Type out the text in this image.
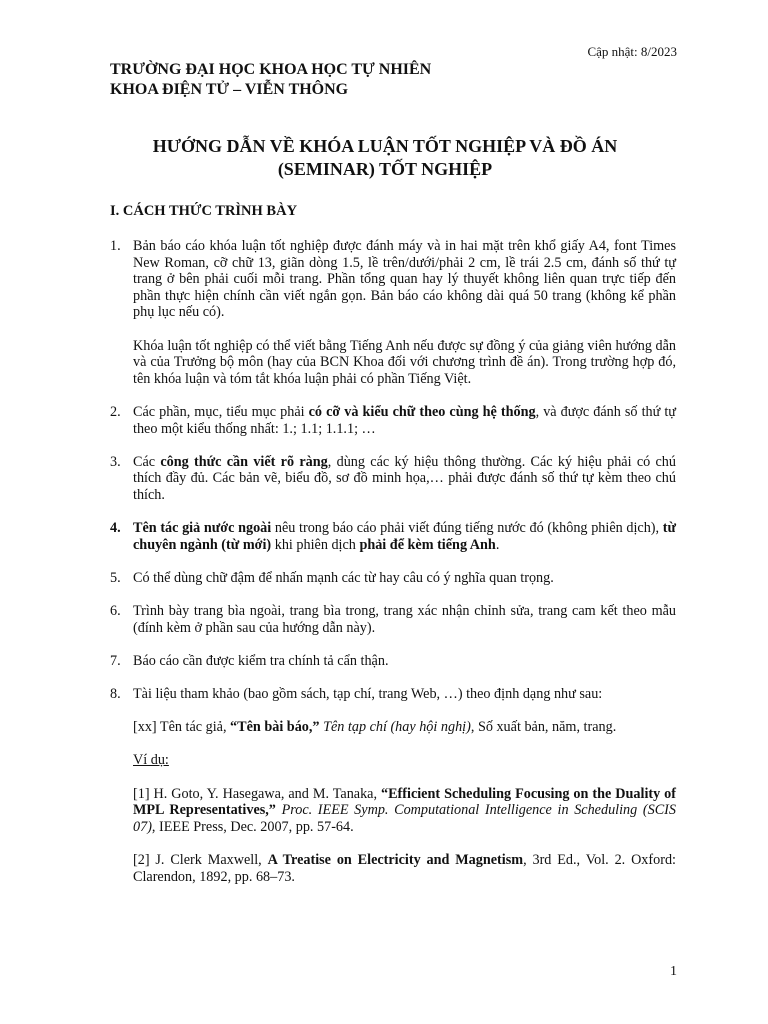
Cập nhật: 8/2023
TRƯỜNG ĐẠI HỌC KHOA HỌC TỰ NHIÊN
KHOA ĐIỆN TỬ – VIỄN THÔNG
HƯỚNG DẪN VỀ KHÓA LUẬN TỐT NGHIỆP VÀ ĐỒ ÁN
(SEMINAR) TỐT NGHIỆP
I. CÁCH THỨC TRÌNH BÀY
1. Bản báo cáo khóa luận tốt nghiệp được đánh máy và in hai mặt trên khổ giấy A4, font Times New Roman, cỡ chữ 13, giãn dòng 1.5, lề trên/dưới/phải 2 cm, lề trái 2.5 cm, đánh số thứ tự trang ở bên phải cuối mỗi trang. Phần tổng quan hay lý thuyết không liên quan trực tiếp đến phần thực hiện chính cần viết ngắn gọn. Bản báo cáo không dài quá 50 trang (không kể phần phụ lục nếu có).

Khóa luận tốt nghiệp có thể viết bằng Tiếng Anh nếu được sự đồng ý của giảng viên hướng dẫn và của Trưởng bộ môn (hay của BCN Khoa đối với chương trình đề án). Trong trường hợp đó, tên khóa luận và tóm tắt khóa luận phải có phần Tiếng Việt.

2. Các phần, mục, tiểu mục phải có cỡ và kiểu chữ theo cùng hệ thống, và được đánh số thứ tự theo một kiểu thống nhất: 1.; 1.1; 1.1.1; …

3. Các công thức cần viết rõ ràng, dùng các ký hiệu thông thường. Các ký hiệu phải có chú thích đầy đủ. Các bản vẽ, biểu đồ, sơ đồ minh họa,… phải được đánh số thứ tự kèm theo chú thích.

4. Tên tác giả nước ngoài nêu trong báo cáo phải viết đúng tiếng nước đó (không phiên dịch), từ chuyên ngành (từ mới) khi phiên dịch phải để kèm tiếng Anh.

5. Có thể dùng chữ đậm để nhấn mạnh các từ hay câu có ý nghĩa quan trọng.

6. Trình bày trang bìa ngoài, trang bìa trong, trang xác nhận chỉnh sửa, trang cam kết theo mẫu (đính kèm ở phần sau của hướng dẫn này).

7. Báo cáo cần được kiểm tra chính tả cẩn thận.

8. Tài liệu tham khảo (bao gồm sách, tạp chí, trang Web, …) theo định dạng như sau:

[xx] Tên tác giả, “Tên bài báo,” Tên tạp chí (hay hội nghị), Số xuất bản, năm, trang.

Ví dụ:

[1] H. Goto, Y. Hasegawa, and M. Tanaka, “Efficient Scheduling Focusing on the Duality of MPL Representatives,” Proc. IEEE Symp. Computational Intelligence in Scheduling (SCIS 07), IEEE Press, Dec. 2007, pp. 57-64.

[2] J. Clerk Maxwell, A Treatise on Electricity and Magnetism, 3rd Ed., Vol. 2. Oxford: Clarendon, 1892, pp. 68–73.

1
